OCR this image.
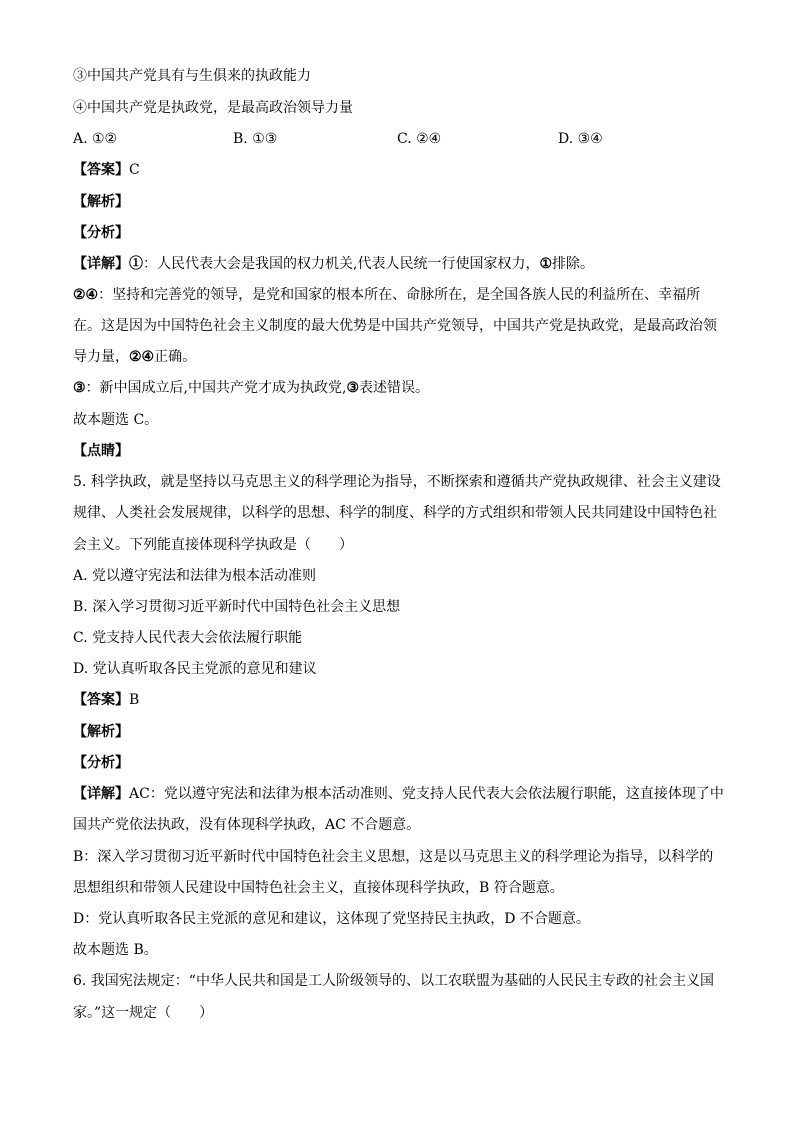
③中国共产党具有与生俱来的执政能力
④中国共产党是执政党，是最高政治领导力量
A. ①②	B. ①③	C. ②④	D. ③④
【答案】C
【解析】
【分析】
【详解】①：人民代表大会是我国的权力机关,代表人民统一行使国家权力，①排除。
②④：坚持和完善党的领导，是党和国家的根本所在、命脉所在，是全国各族人民的利益所在、幸福所
在。这是因为中国特色社会主义制度的最大优势是中国共产党领导，中国共产党是执政党，是最高政治领
导力量，②④正确。
③：新中国成立后,中国共产党才成为执政党,③表述错误。
故本题选 C。
【点睛】
5. 科学执政，就是坚持以马克思主义的科学理论为指导，不断探索和遵循共产党执政规律、社会主义建设
规律、人类社会发展规律，以科学的思想、科学的制度、科学的方式组织和带领人民共同建设中国特色社
会主义。下列能直接体现科学执政是（　　）
A. 党以遵守宪法和法律为根本活动准则
B. 深入学习贯彻习近平新时代中国特色社会主义思想
C. 党支持人民代表大会依法履行职能
D. 党认真听取各民主党派的意见和建议
【答案】B
【解析】
【分析】
【详解】AC：党以遵守宪法和法律为根本活动准则、党支持人民代表大会依法履行职能，这直接体现了中
国共产党依法执政，没有体现科学执政，AC 不合题意。
B：深入学习贯彻习近平新时代中国特色社会主义思想，这是以马克思主义的科学理论为指导，以科学的
思想组织和带领人民建设中国特色社会主义，直接体现科学执政，B 符合题意。
D：党认真听取各民主党派的意见和建议，这体现了党坚持民主执政，D 不合题意。
故本题选 B。
6. 我国宪法规定：“中华人民共和国是工人阶级领导的、以工农联盟为基础的人民民主专政的社会主义国
家。”这一规定（　　）
